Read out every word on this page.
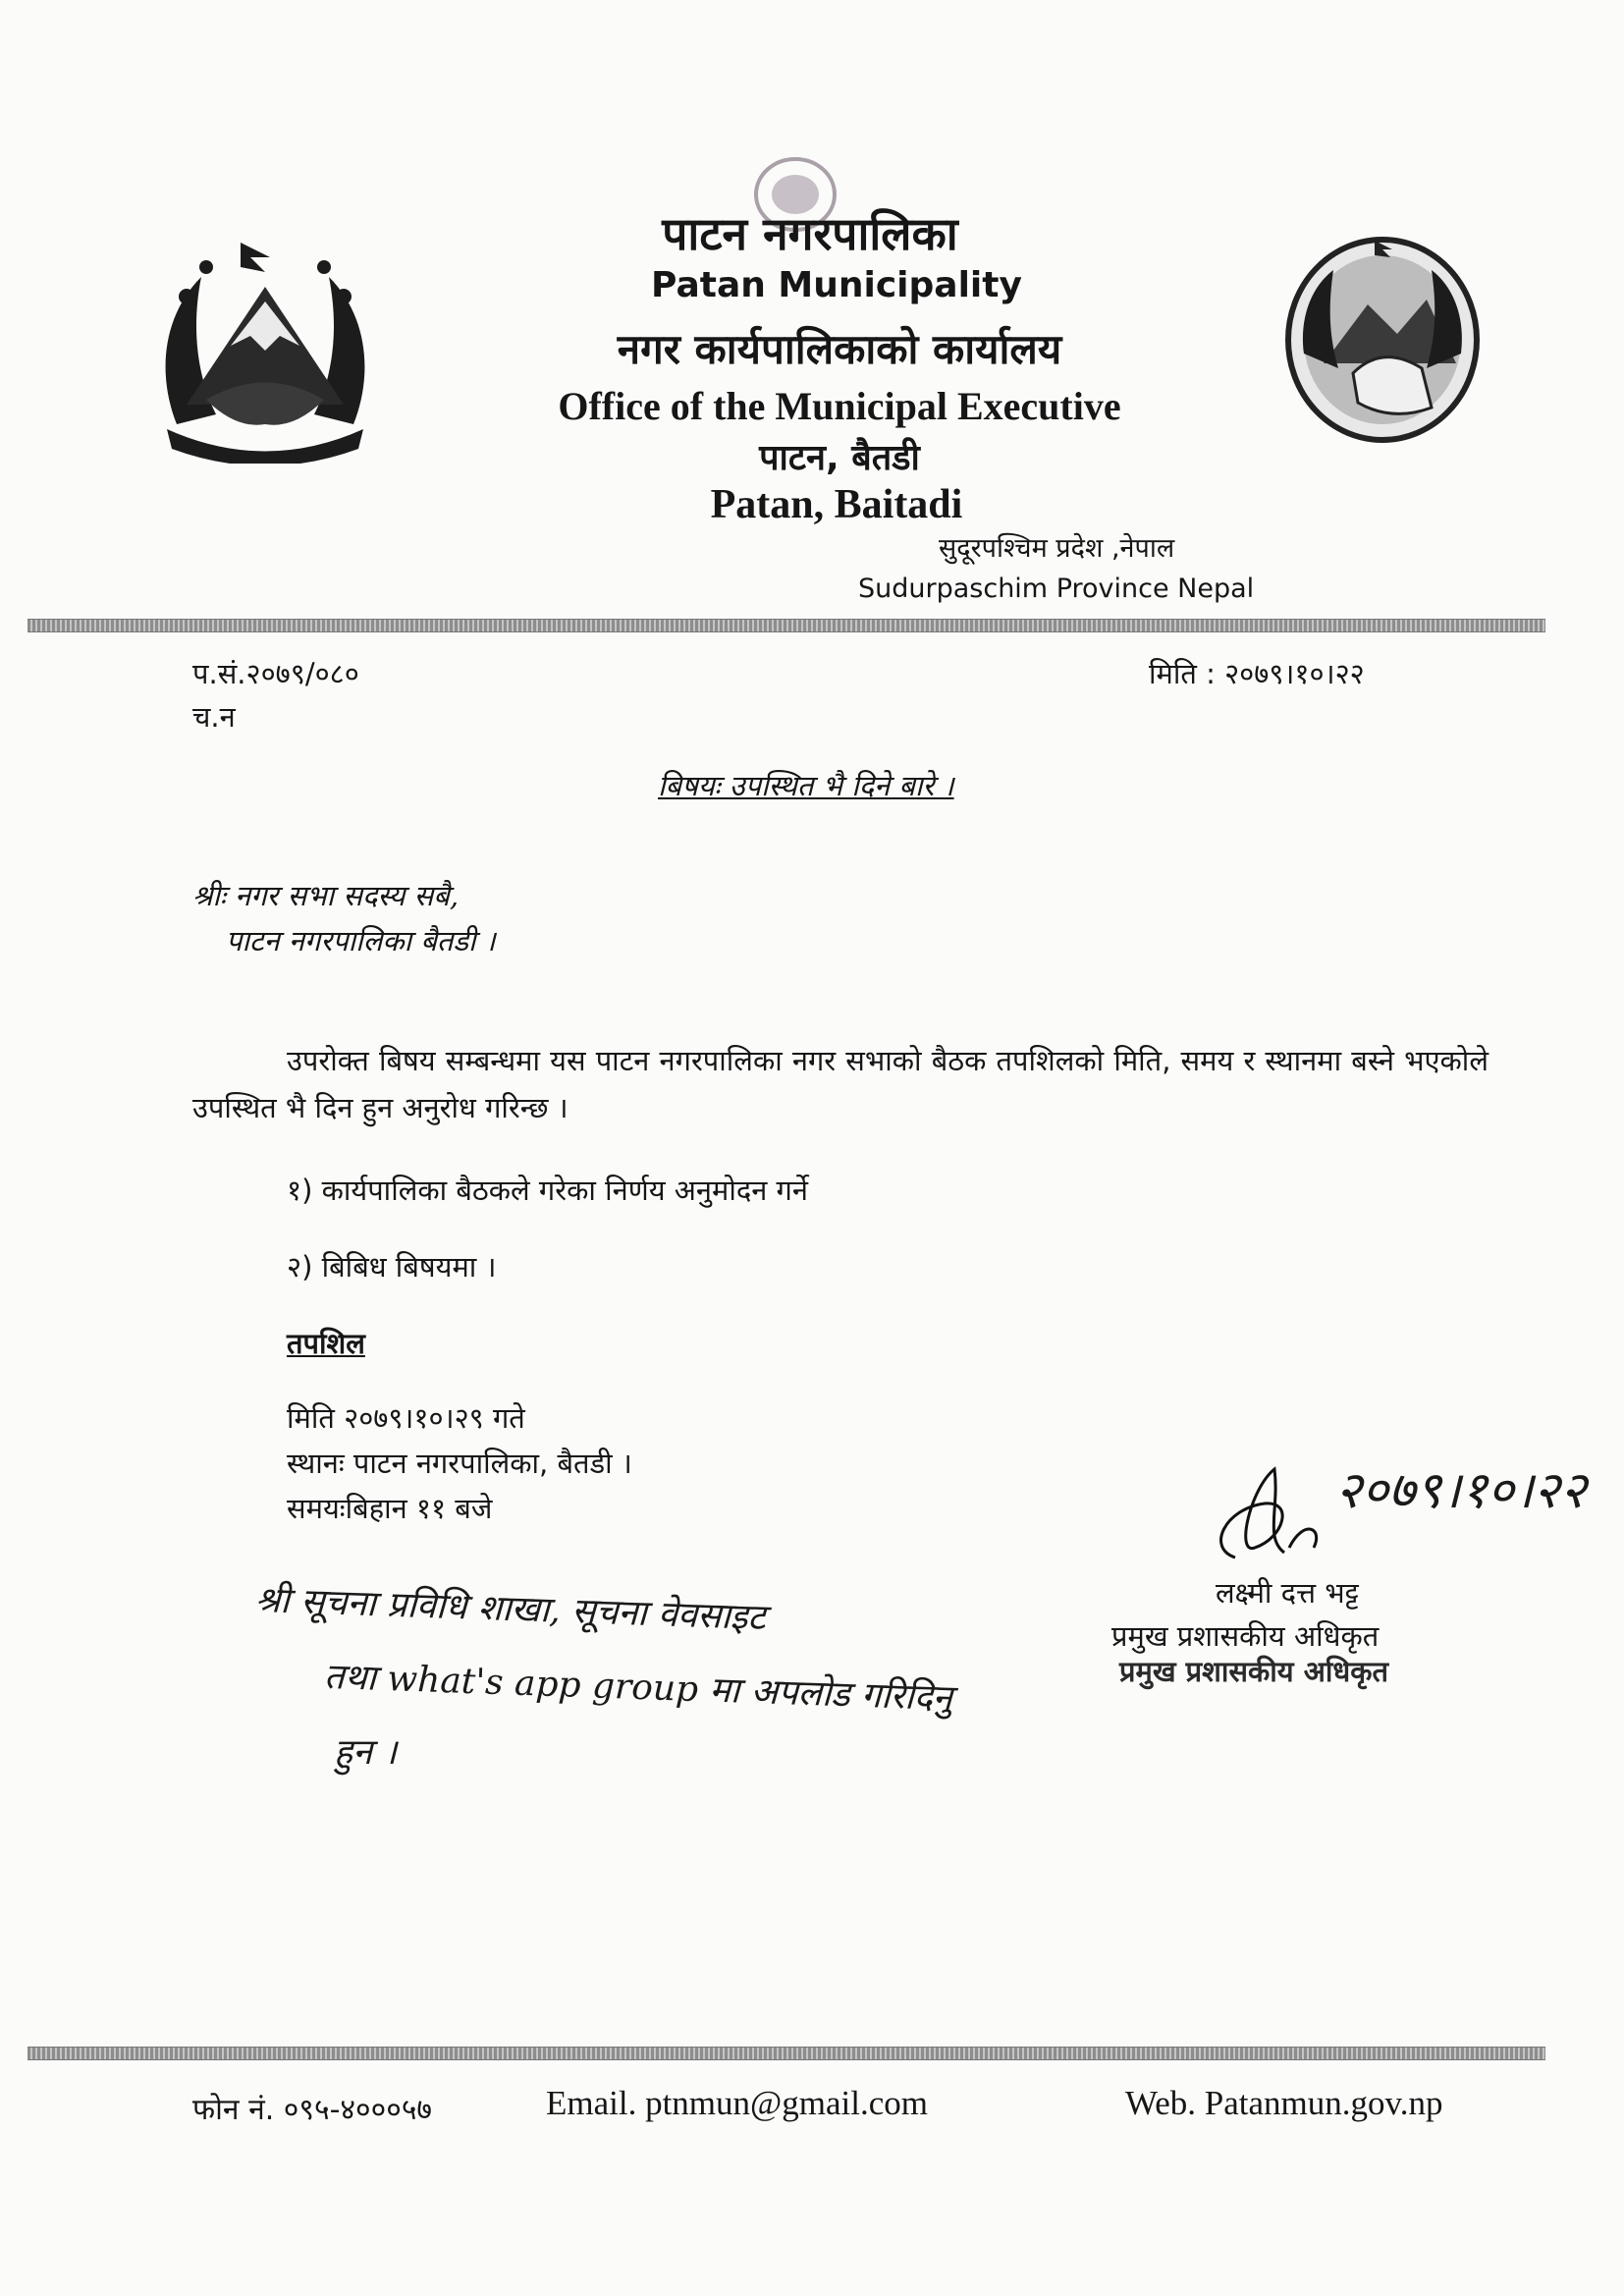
पाटन नगरपालिका
Patan Municipality
नगर कार्यपालिकाको कार्यालय
Office of the Municipal Executive
पाटन, बैतडी
Patan, Baitadi
सुदूरपश्चिम प्रदेश ,नेपाल
Sudurpaschim Province Nepal
प.सं.२०७९/०८०
च.न
मिति : २०७९।१०।२२
बिषयः उपस्थित भै दिने बारे ।
श्रीः नगर सभा सदस्य सबै,
पाटन नगरपालिका बैतडी ।
उपरोक्त बिषय सम्बन्धमा यस पाटन नगरपालिका नगर सभाको बैठक तपशिलको मिति, समय र स्थानमा बस्ने भएकोले उपस्थित भै दिन हुन अनुरोध गरिन्छ ।
१) कार्यपालिका बैठकले गरेका निर्णय अनुमोदन गर्ने
२) बिबिध बिषयमा ।
तपशिल
मिति २०७९।१०।२९ गते
स्थानः पाटन नगरपालिका, बैतडी ।
समयःबिहान ११ बजे	२०७९।१०।२२
लक्ष्मी दत्त भट्ट
प्रमुख प्रशासकीय अधिकृत
प्रमुख प्रशासकीय अधिकृत
श्री सूचना प्रविधि शाखा, सूचना वेवसाइट
तथा what's app group मा अपलोड गरिदिनु
हुन ।
फोन नं. ०९५-४०००५७	Email. ptnmun@gmail.com	Web. Patanmun.gov.np
